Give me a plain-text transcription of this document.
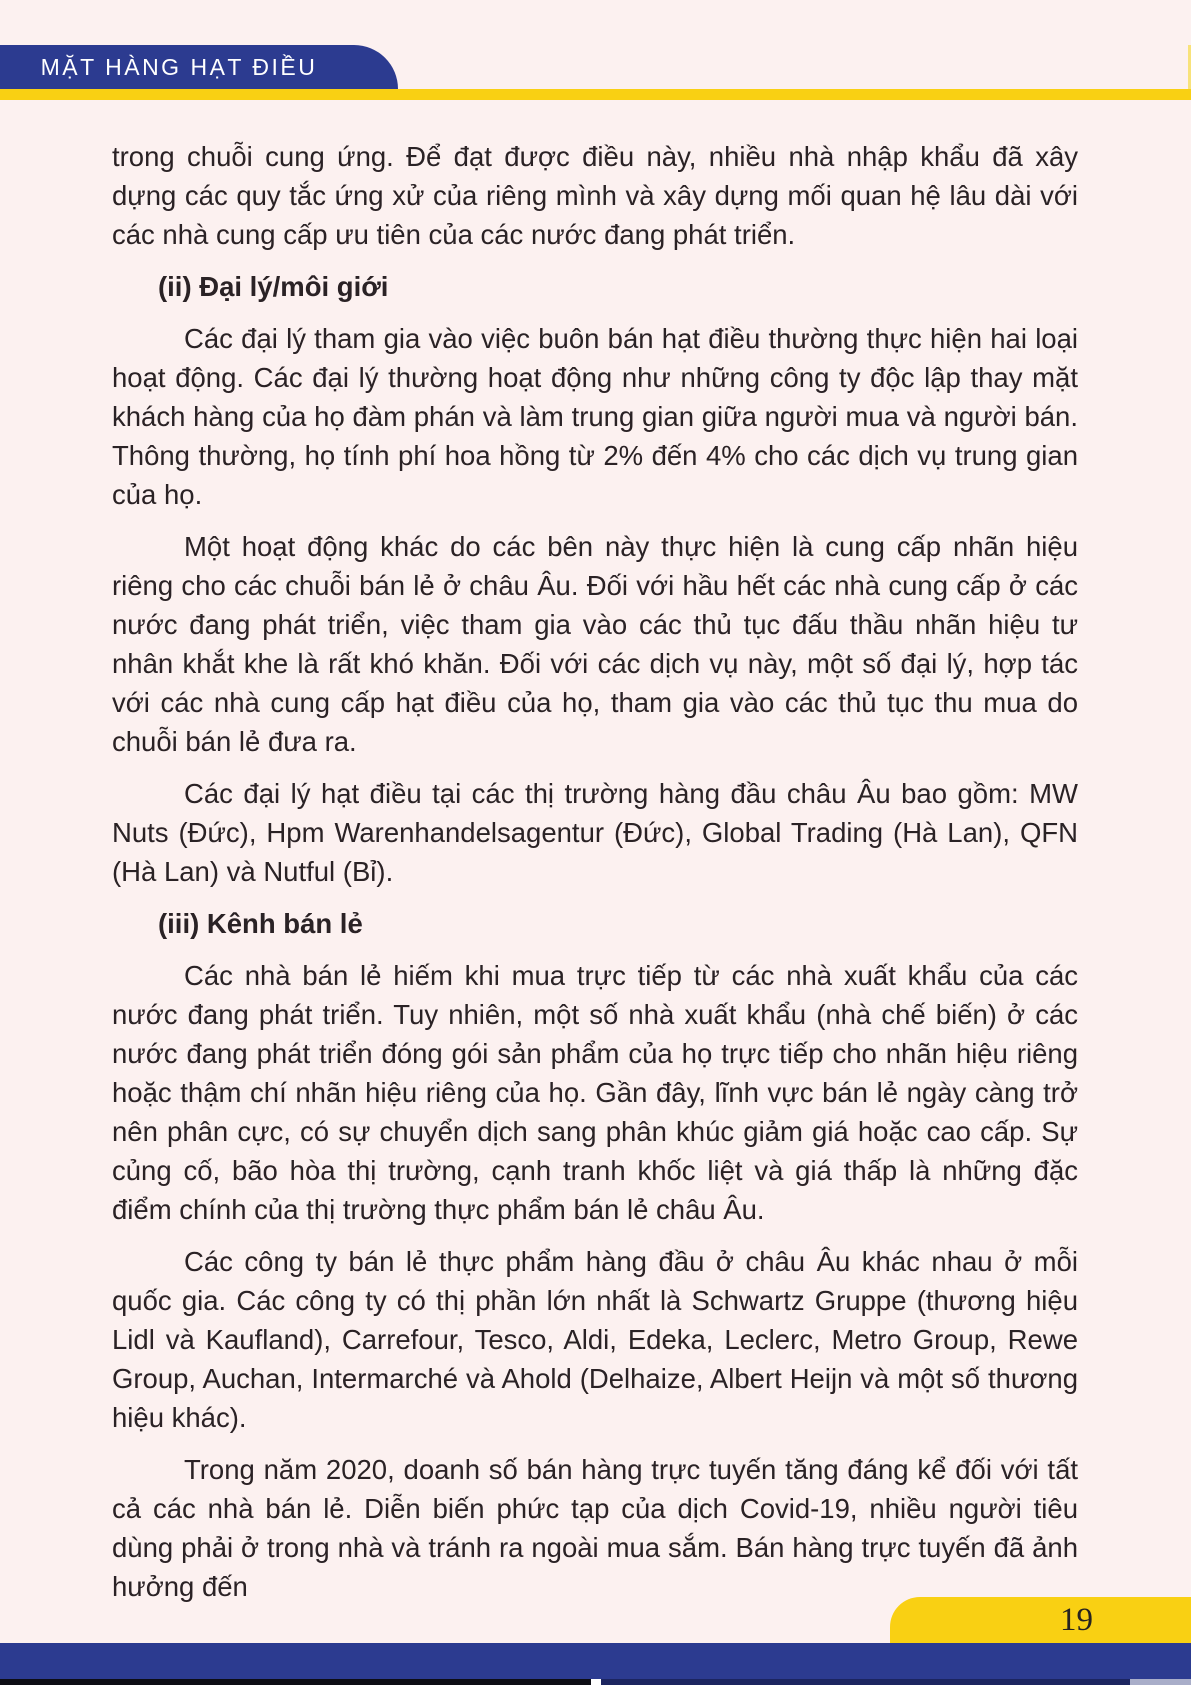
MẶT HÀNG HẠT ĐIỀU

trong chuỗi cung ứng. Để đạt được điều này, nhiều nhà nhập khẩu đã xây dựng các quy tắc ứng xử của riêng mình và xây dựng mối quan hệ lâu dài với các nhà cung cấp ưu tiên của các nước đang phát triển.

(ii) Đại lý/môi giới

Các đại lý tham gia vào việc buôn bán hạt điều thường thực hiện hai loại hoạt động. Các đại lý thường hoạt động như những công ty độc lập thay mặt khách hàng của họ đàm phán và làm trung gian giữa người mua và người bán. Thông thường, họ tính phí hoa hồng từ 2% đến 4% cho các dịch vụ trung gian của họ.

Một hoạt động khác do các bên này thực hiện là cung cấp nhãn hiệu riêng cho các chuỗi bán lẻ ở châu Âu. Đối với hầu hết các nhà cung cấp ở các nước đang phát triển, việc tham gia vào các thủ tục đấu thầu nhãn hiệu tư nhân khắt khe là rất khó khăn. Đối với các dịch vụ này, một số đại lý, hợp tác với các nhà cung cấp hạt điều của họ, tham gia vào các thủ tục thu mua do chuỗi bán lẻ đưa ra.

Các đại lý hạt điều tại các thị trường hàng đầu châu Âu bao gồm: MW Nuts (Đức), Hpm Warenhandelsagentur (Đức), Global Trading (Hà Lan), QFN (Hà Lan) và Nutful (Bỉ).

(iii) Kênh bán lẻ

Các nhà bán lẻ hiếm khi mua trực tiếp từ các nhà xuất khẩu của các nước đang phát triển. Tuy nhiên, một số nhà xuất khẩu (nhà chế biến) ở các nước đang phát triển đóng gói sản phẩm của họ trực tiếp cho nhãn hiệu riêng hoặc thậm chí nhãn hiệu riêng của họ. Gần đây, lĩnh vực bán lẻ ngày càng trở nên phân cực, có sự chuyển dịch sang phân khúc giảm giá hoặc cao cấp. Sự củng cố, bão hòa thị trường, cạnh tranh khốc liệt và giá thấp là những đặc điểm chính của thị trường thực phẩm bán lẻ châu Âu.

Các công ty bán lẻ thực phẩm hàng đầu ở châu Âu khác nhau ở mỗi quốc gia. Các công ty có thị phần lớn nhất là Schwartz Gruppe (thương hiệu Lidl và Kaufland), Carrefour, Tesco, Aldi, Edeka, Leclerc, Metro Group, Rewe Group, Auchan, Intermarché và Ahold (Delhaize, Albert Heijn và một số thương hiệu khác).

Trong năm 2020, doanh số bán hàng trực tuyến tăng đáng kể đối với tất cả các nhà bán lẻ. Diễn biến phức tạp của dịch Covid-19, nhiều người tiêu dùng phải ở trong nhà và tránh ra ngoài mua sắm. Bán hàng trực tuyến đã ảnh hưởng đến

19
